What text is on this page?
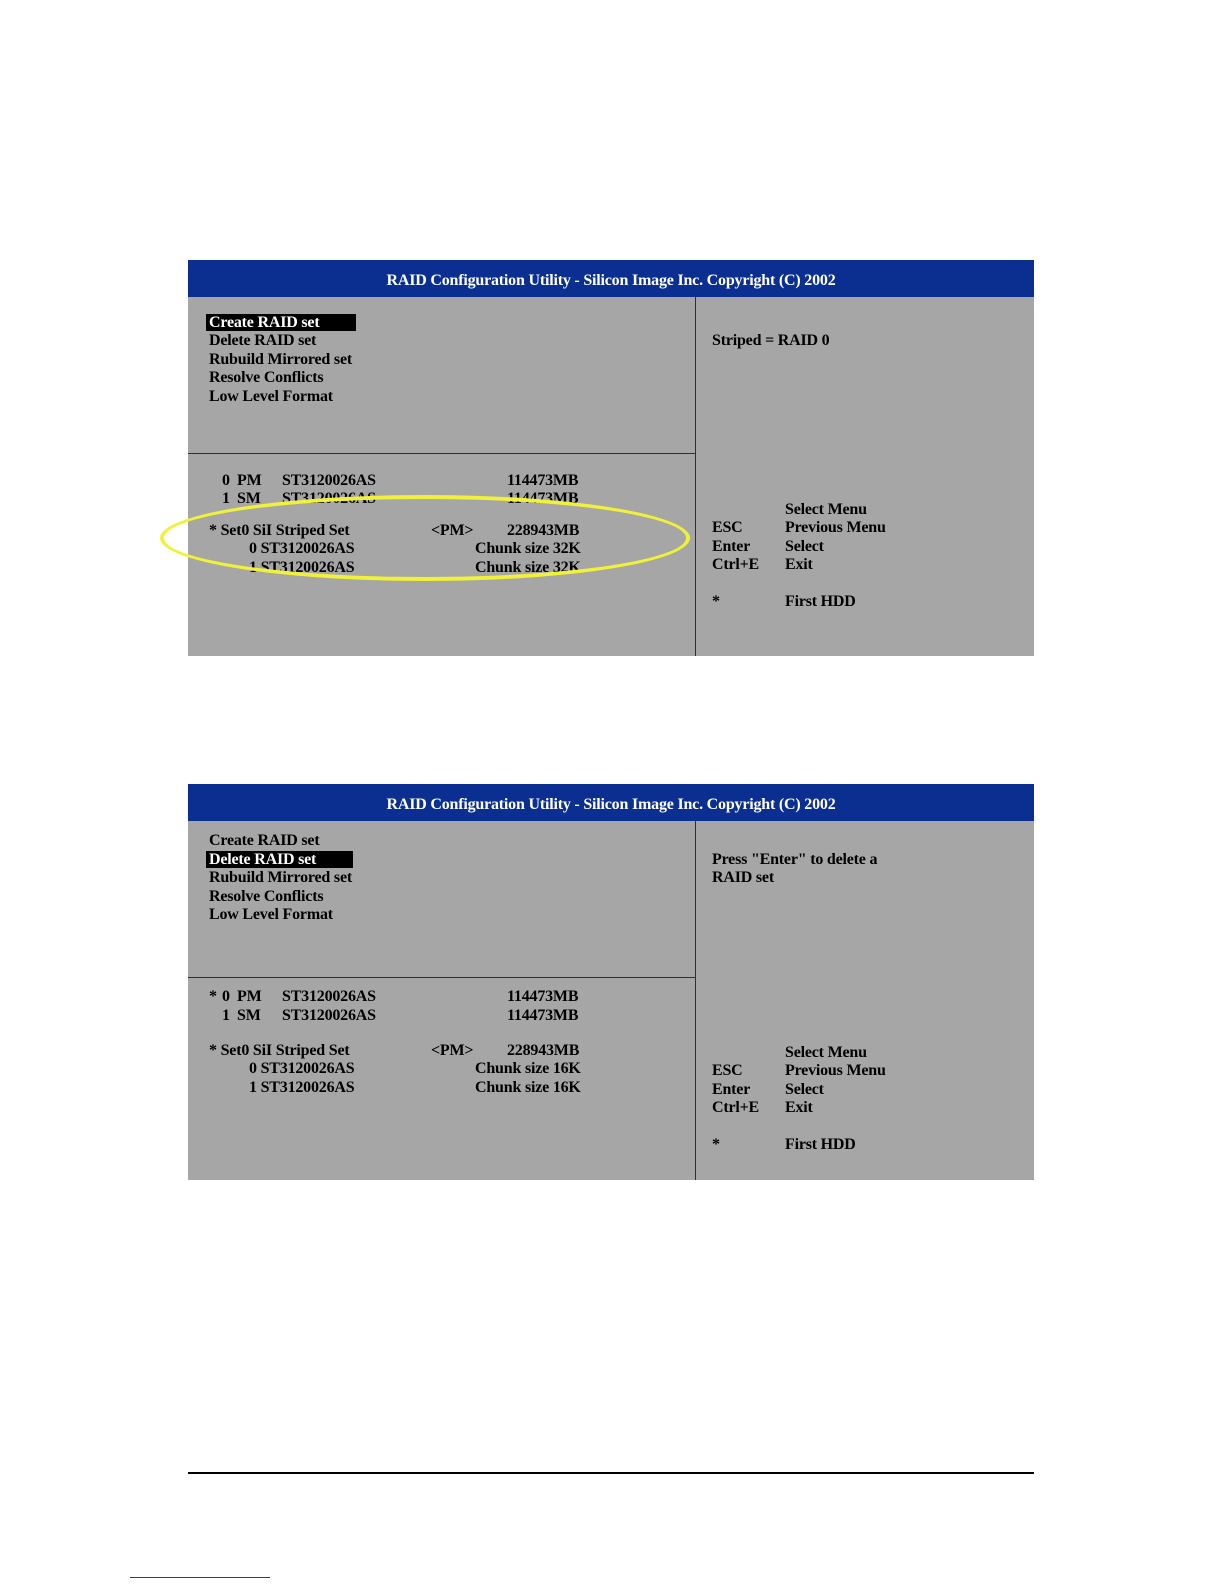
RAID Configuration Utility - Silicon Image Inc. Copyright (C) 2002
Create RAID set
Delete RAID set
Rubuild Mirrored set
Resolve Conflicts
Low Level Format
Striped = RAID 0
0 PM ST3120026AS	114473MB
1 SM ST3120026AS	114473MB
* Set0 SiI Striped Set	<PM> 228943MB
0 ST3120026AS	Chunk size 32K
1 ST3120026AS	Chunk size 32K
Select Menu
ESC	Previous Menu
Enter Select
Ctrl+E Exit
*	First HDD
RAID Configuration Utility - Silicon Image Inc. Copyright (C) 2002
Create RAID set
Delete RAID set
Rubuild Mirrored set
Resolve Conflicts
Low Level Format
Press "Enter" to delete a
RAID set
* 0 PM ST3120026AS	114473MB
1 SM ST3120026AS	114473MB
* Set0 SiI Striped Set	<PM> 228943MB
0 ST3120026AS	Chunk size 16K
1 ST3120026AS	Chunk size 16K
Select Menu
ESC	Previous Menu
Enter Select
Ctrl+E Exit
*	First HDD
